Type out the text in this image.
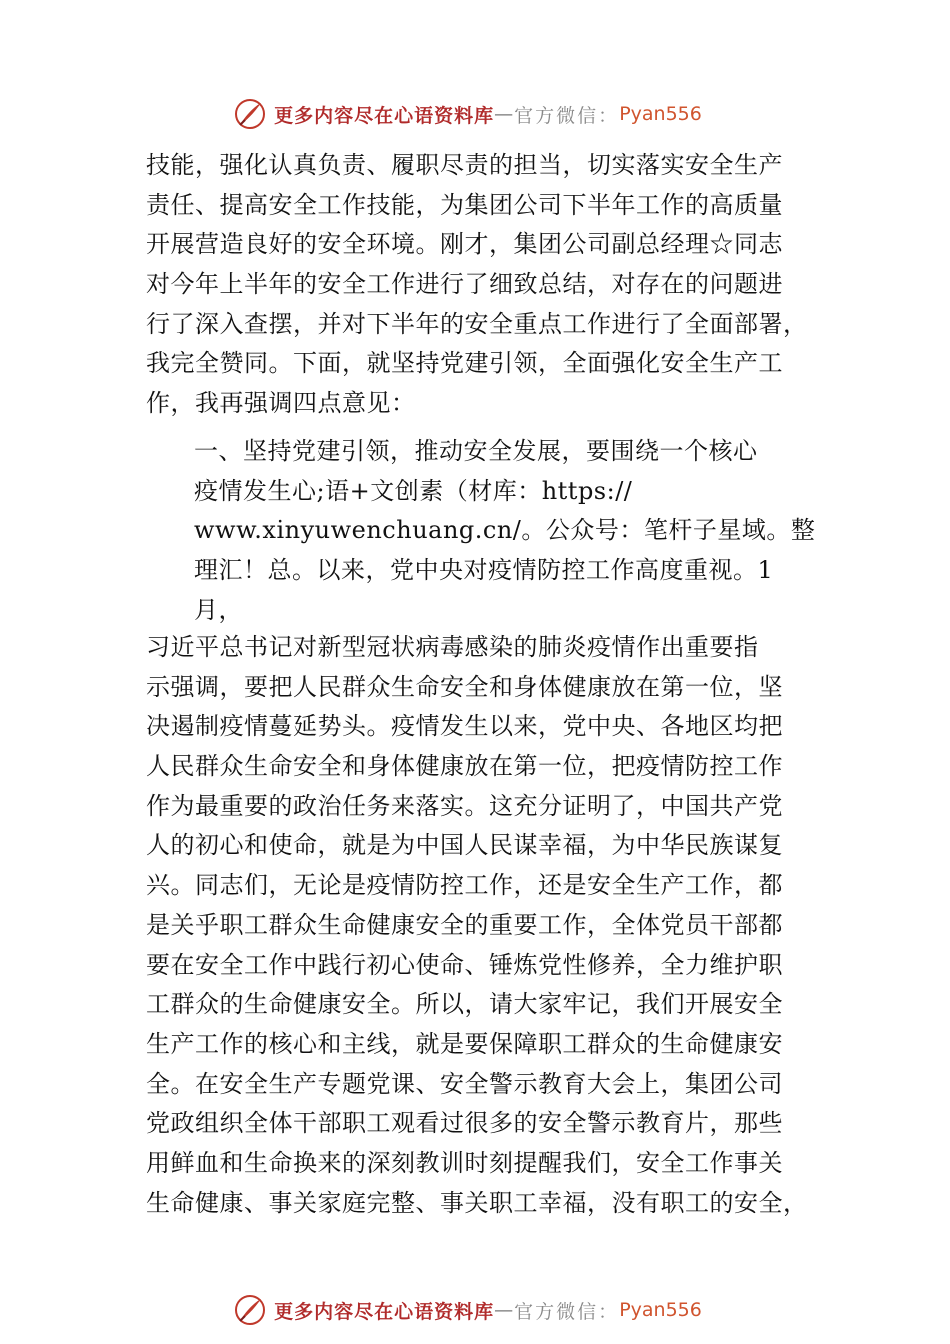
更多内容尽在心语资料库 — 官方微信： Pyan556
技能，强化认真负责、履职尽责的担当，切实落实安全生产
责任、提高安全工作技能，为集团公司下半年工作的高质量
开展营造良好的安全环境。刚才，集团公司副总经理☆同志
对今年上半年的安全工作进行了细致总结，对存在的问题进
行了深入查摆，并对下半年的安全重点工作进行了全面部署，
我完全赞同。下面，就坚持党建引领，全面强化安全生产工
作，我再强调四点意见：
一、坚持党建引领，推动安全发展，要围绕一个核心
疫情发生心;语+文创素（材库：https://
www.xinyuwenchuang.cn/。公众号：笔杆子星域。整
理汇！总。以来，党中央对疫情防控工作高度重视。1
月，
习近平总书记对新型冠状病毒感染的肺炎疫情作出重要指
示强调，要把人民群众生命安全和身体健康放在第一位，坚
决遏制疫情蔓延势头。疫情发生以来，党中央、各地区均把
人民群众生命安全和身体健康放在第一位，把疫情防控工作
作为最重要的政治任务来落实。这充分证明了，中国共产党
人的初心和使命，就是为中国人民谋幸福，为中华民族谋复
兴。同志们，无论是疫情防控工作，还是安全生产工作，都
是关乎职工群众生命健康安全的重要工作，全体党员干部都
要在安全工作中践行初心使命、锤炼党性修养，全力维护职
工群众的生命健康安全。所以，请大家牢记，我们开展安全
生产工作的核心和主线，就是要保障职工群众的生命健康安
全。在安全生产专题党课、安全警示教育大会上，集团公司
党政组织全体干部职工观看过很多的安全警示教育片，那些
用鲜血和生命换来的深刻教训时刻提醒我们，安全工作事关
生命健康、事关家庭完整、事关职工幸福，没有职工的安全，
更多内容尽在心语资料库 — 官方微信： Pyan556
